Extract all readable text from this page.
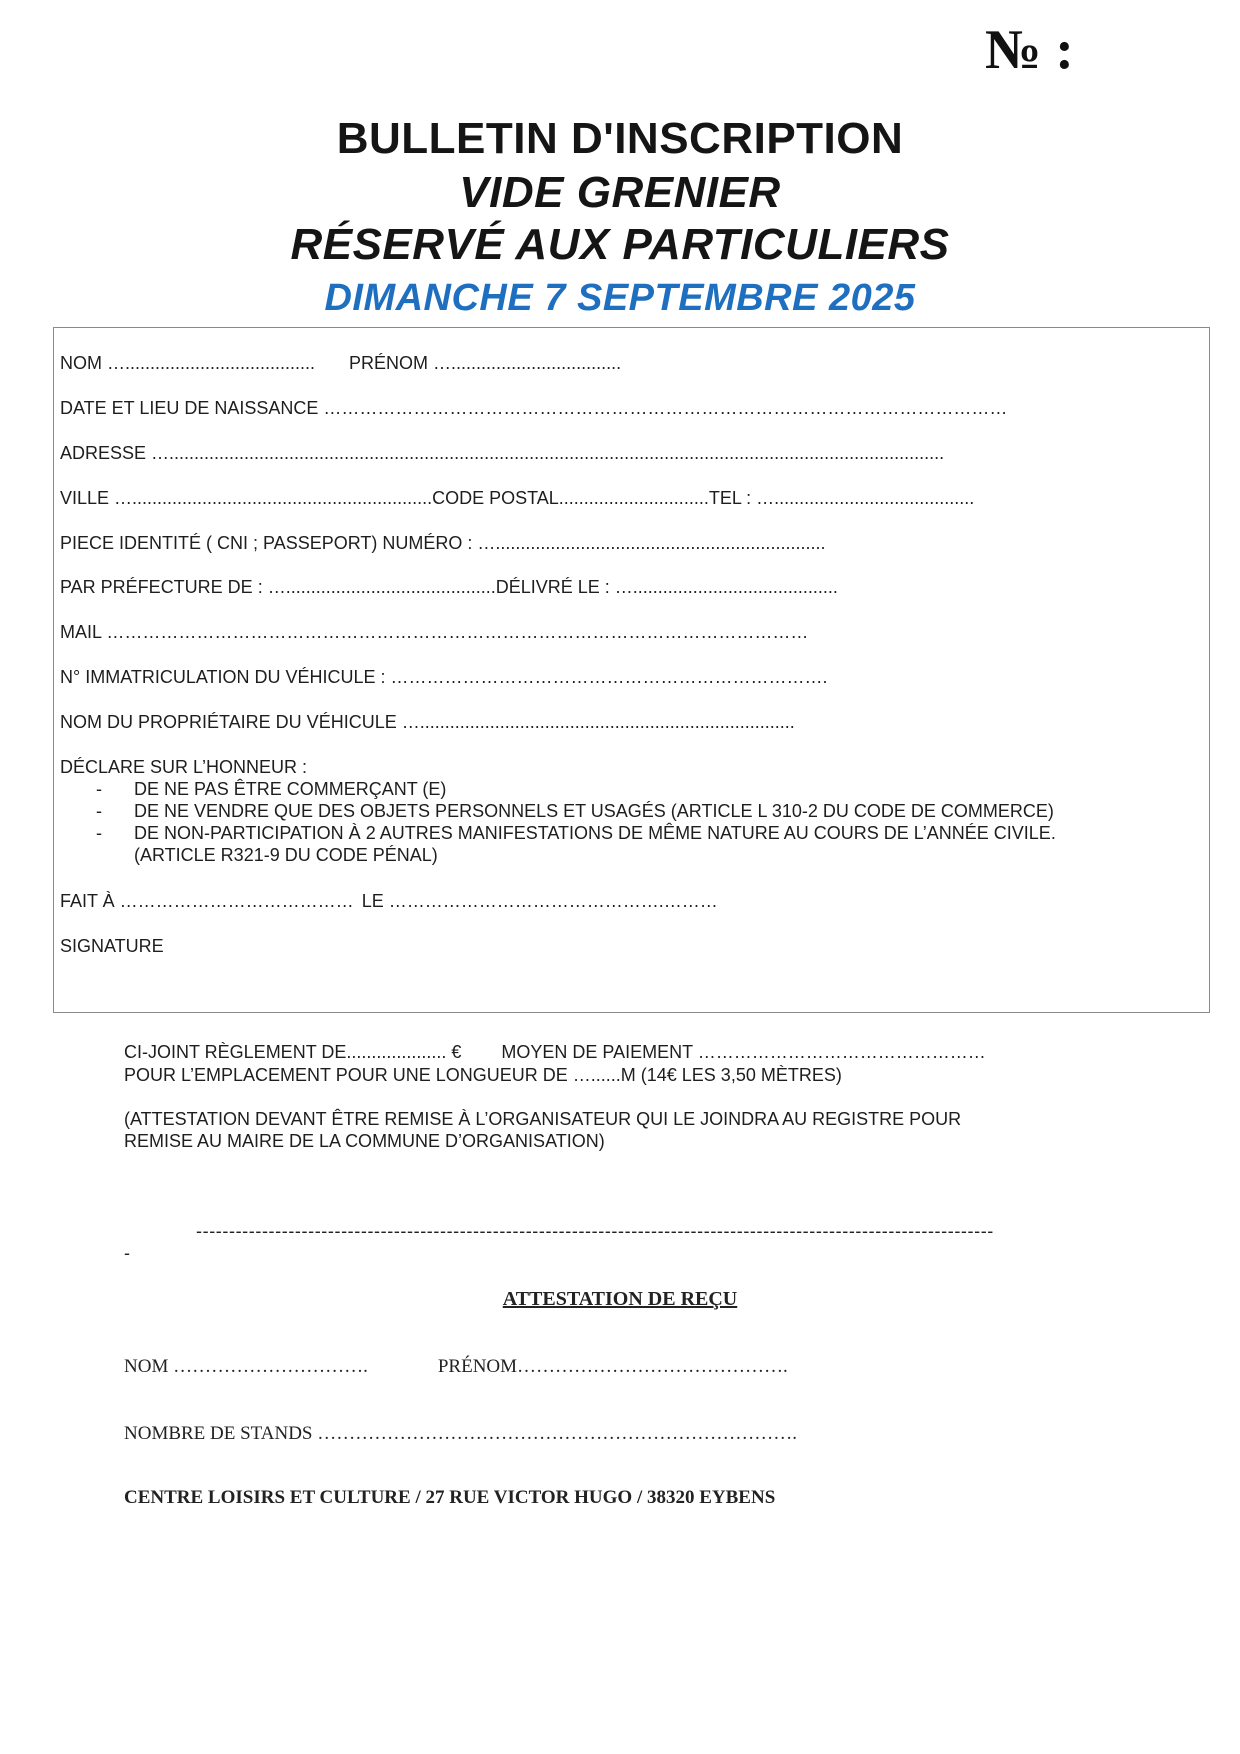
№ :
BULLETIN D'INSCRIPTION
VIDE GRENIER
RÉSERVÉ AUX PARTICULIERS
DIMANCHE 7 SEPTEMBRE 2025
NOM …...................................... PRÉNOM …..................................
DATE ET LIEU DE NAISSANCE ……………………………………………………………………………………………………
ADRESSE …...........................................................................................................................................................
VILLE …............................................................CODE POSTAL..............................TEL : …........................................
PIECE IDENTITÉ ( CNI ; PASSEPORT) NUMÉRO : …..................................................................
PAR PRÉFECTURE DE : …..........................................DÉLIVRÉ LE : ….........................................
MAIL ………………………………………………………………………………………………………
N° IMMATRICULATION DU VÉHICULE : ……………………………………………………………….
NOM DU PROPRIÉTAIRE DU VÉHICULE …...........................................................................
DÉCLARE SUR L’HONNEUR :
- DE NE PAS ÊTRE COMMERÇANT (E)
- DE NE VENDRE QUE DES OBJETS PERSONNELS ET USAGÉS (ARTICLE L 310-2 DU CODE DE COMMERCE)
- DE NON-PARTICIPATION À 2 AUTRES MANIFESTATIONS DE MÊME NATURE AU COURS DE L’ANNÉE CIVILE.
(ARTICLE R321-9 DU CODE PÉNAL)
FAIT À ………………………………… LE ……………………………………….………
SIGNATURE
CI-JOINT RÈGLEMENT DE.................... € MOYEN DE PAIEMENT …………………………………………
POUR L’EMPLACEMENT POUR UNE LONGUEUR DE …......M (14€ LES 3,50 MÈTRES)
(ATTESTATION DEVANT ÊTRE REMISE À L’ORGANISATEUR QUI LE JOINDRA AU REGISTRE POUR
REMISE AU MAIRE DE LA COMMUNE D’ORGANISATION)
-------------------------------------------------------------------------------------------------------------------------
-
ATTESTATION DE REÇU
NOM ………………………….	PRÉNOM…………………………………….
NOMBRE DE STANDS ………………………………………………………………….
CENTRE LOISIRS ET CULTURE / 27 RUE VICTOR HUGO / 38320 EYBENS
